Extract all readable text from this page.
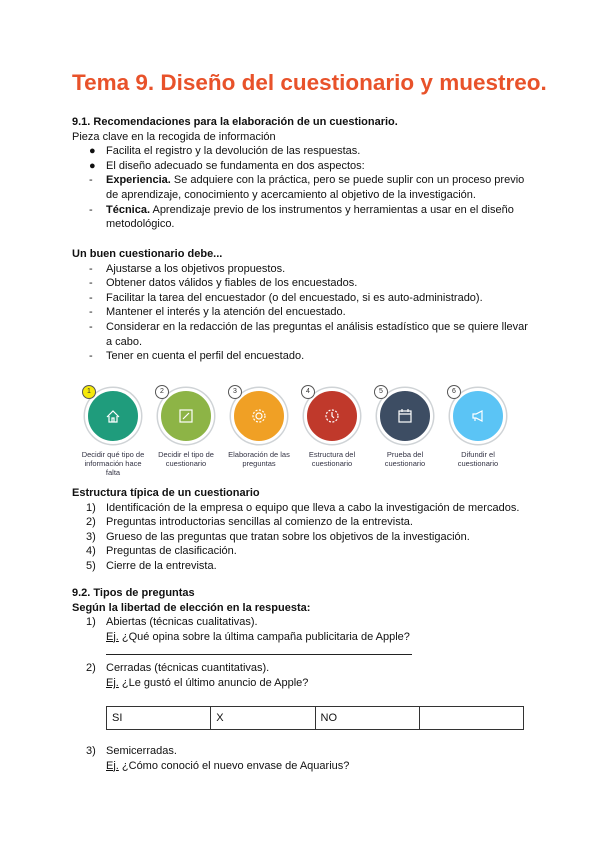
Tema 9. Diseño del cuestionario y muestreo.
9.1. Recomendaciones para la elaboración de un cuestionario.
Pieza clave en la recogida de información
● Facilita el registro y la devolución de las respuestas.
● El diseño adecuado se fundamenta en dos aspectos:
- Experiencia. Se adquiere con la práctica, pero se puede suplir con un proceso previo de aprendizaje, conocimiento y acercamiento al objetivo de la investigación.
- Técnica. Aprendizaje previo de los instrumentos y herramientas a usar en el diseño metodológico.
Un buen cuestionario debe...
- Ajustarse a los objetivos propuestos.
- Obtener datos válidos y fiables de los encuestados.
- Facilitar la tarea del encuestador (o del encuestado, si es auto-administrado).
- Mantener el interés y la atención del encuestado.
- Considerar en la redacción de las preguntas el análisis estadístico que se quiere llevar a cabo.
- Tener en cuenta el perfil del encuestado.
1
Decidir qué tipo de información hace falta
2
Decidir el tipo de cuestionario
3
Elaboración de las preguntas
4
Estructura del cuestionario
5
Prueba del cuestionario
6
Difundir el cuestionario
Estructura típica de un cuestionario
1) Identificación de la empresa o equipo que lleva a cabo la investigación de mercados.
2) Preguntas introductorias sencillas al comienzo de la entrevista.
3) Grueso de las preguntas que tratan sobre los objetivos de la investigación.
4) Preguntas de clasificación.
5) Cierre de la entrevista.
9.2. Tipos de preguntas
Según la libertad de elección en la respuesta:
1) Abiertas (técnicas cualitativas).
Ej. ¿Qué opina sobre la última campaña publicitaria de Apple?
2) Cerradas (técnicas cuantitativas).
Ej. ¿Le gustó el último anuncio de Apple?
SI	X	NO	
3) Semicerradas.
Ej. ¿Cómo conoció el nuevo envase de Aquarius?
